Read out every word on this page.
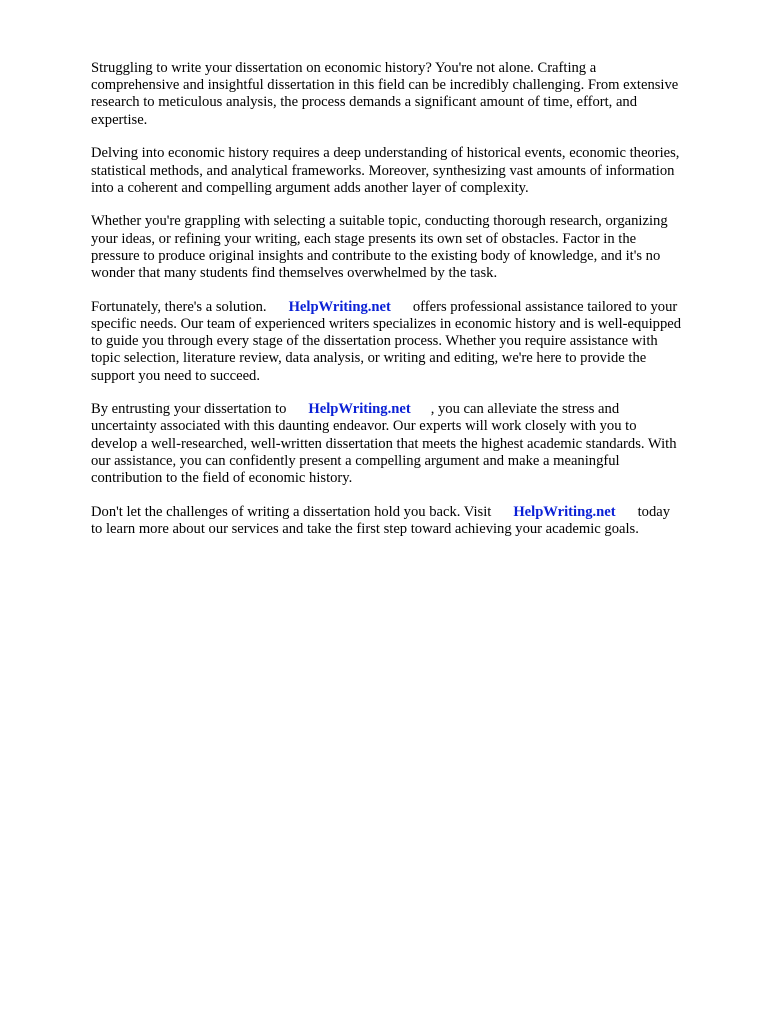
Struggling to write your dissertation on economic history? You're not alone. Crafting a
comprehensive and insightful dissertation in this field can be incredibly challenging. From extensive
research to meticulous analysis, the process demands a significant amount of time, effort, and
expertise.

Delving into economic history requires a deep understanding of historical events, economic theories,
statistical methods, and analytical frameworks. Moreover, synthesizing vast amounts of information
into a coherent and compelling argument adds another layer of complexity.

Whether you're grappling with selecting a suitable topic, conducting thorough research, organizing
your ideas, or refining your writing, each stage presents its own set of obstacles. Factor in the
pressure to produce original insights and contribute to the existing body of knowledge, and it's no
wonder that many students find themselves overwhelmed by the task.

Fortunately, there's a solution. HelpWriting.net offers professional assistance tailored to your
specific needs. Our team of experienced writers specializes in economic history and is well-equipped
to guide you through every stage of the dissertation process. Whether you require assistance with
topic selection, literature review, data analysis, or writing and editing, we're here to provide the
support you need to succeed.

By entrusting your dissertation to HelpWriting.net , you can alleviate the stress and
uncertainty associated with this daunting endeavor. Our experts will work closely with you to
develop a well-researched, well-written dissertation that meets the highest academic standards. With
our assistance, you can confidently present a compelling argument and make a meaningful
contribution to the field of economic history.

Don't let the challenges of writing a dissertation hold you back. Visit HelpWriting.net today
to learn more about our services and take the first step toward achieving your academic goals.
